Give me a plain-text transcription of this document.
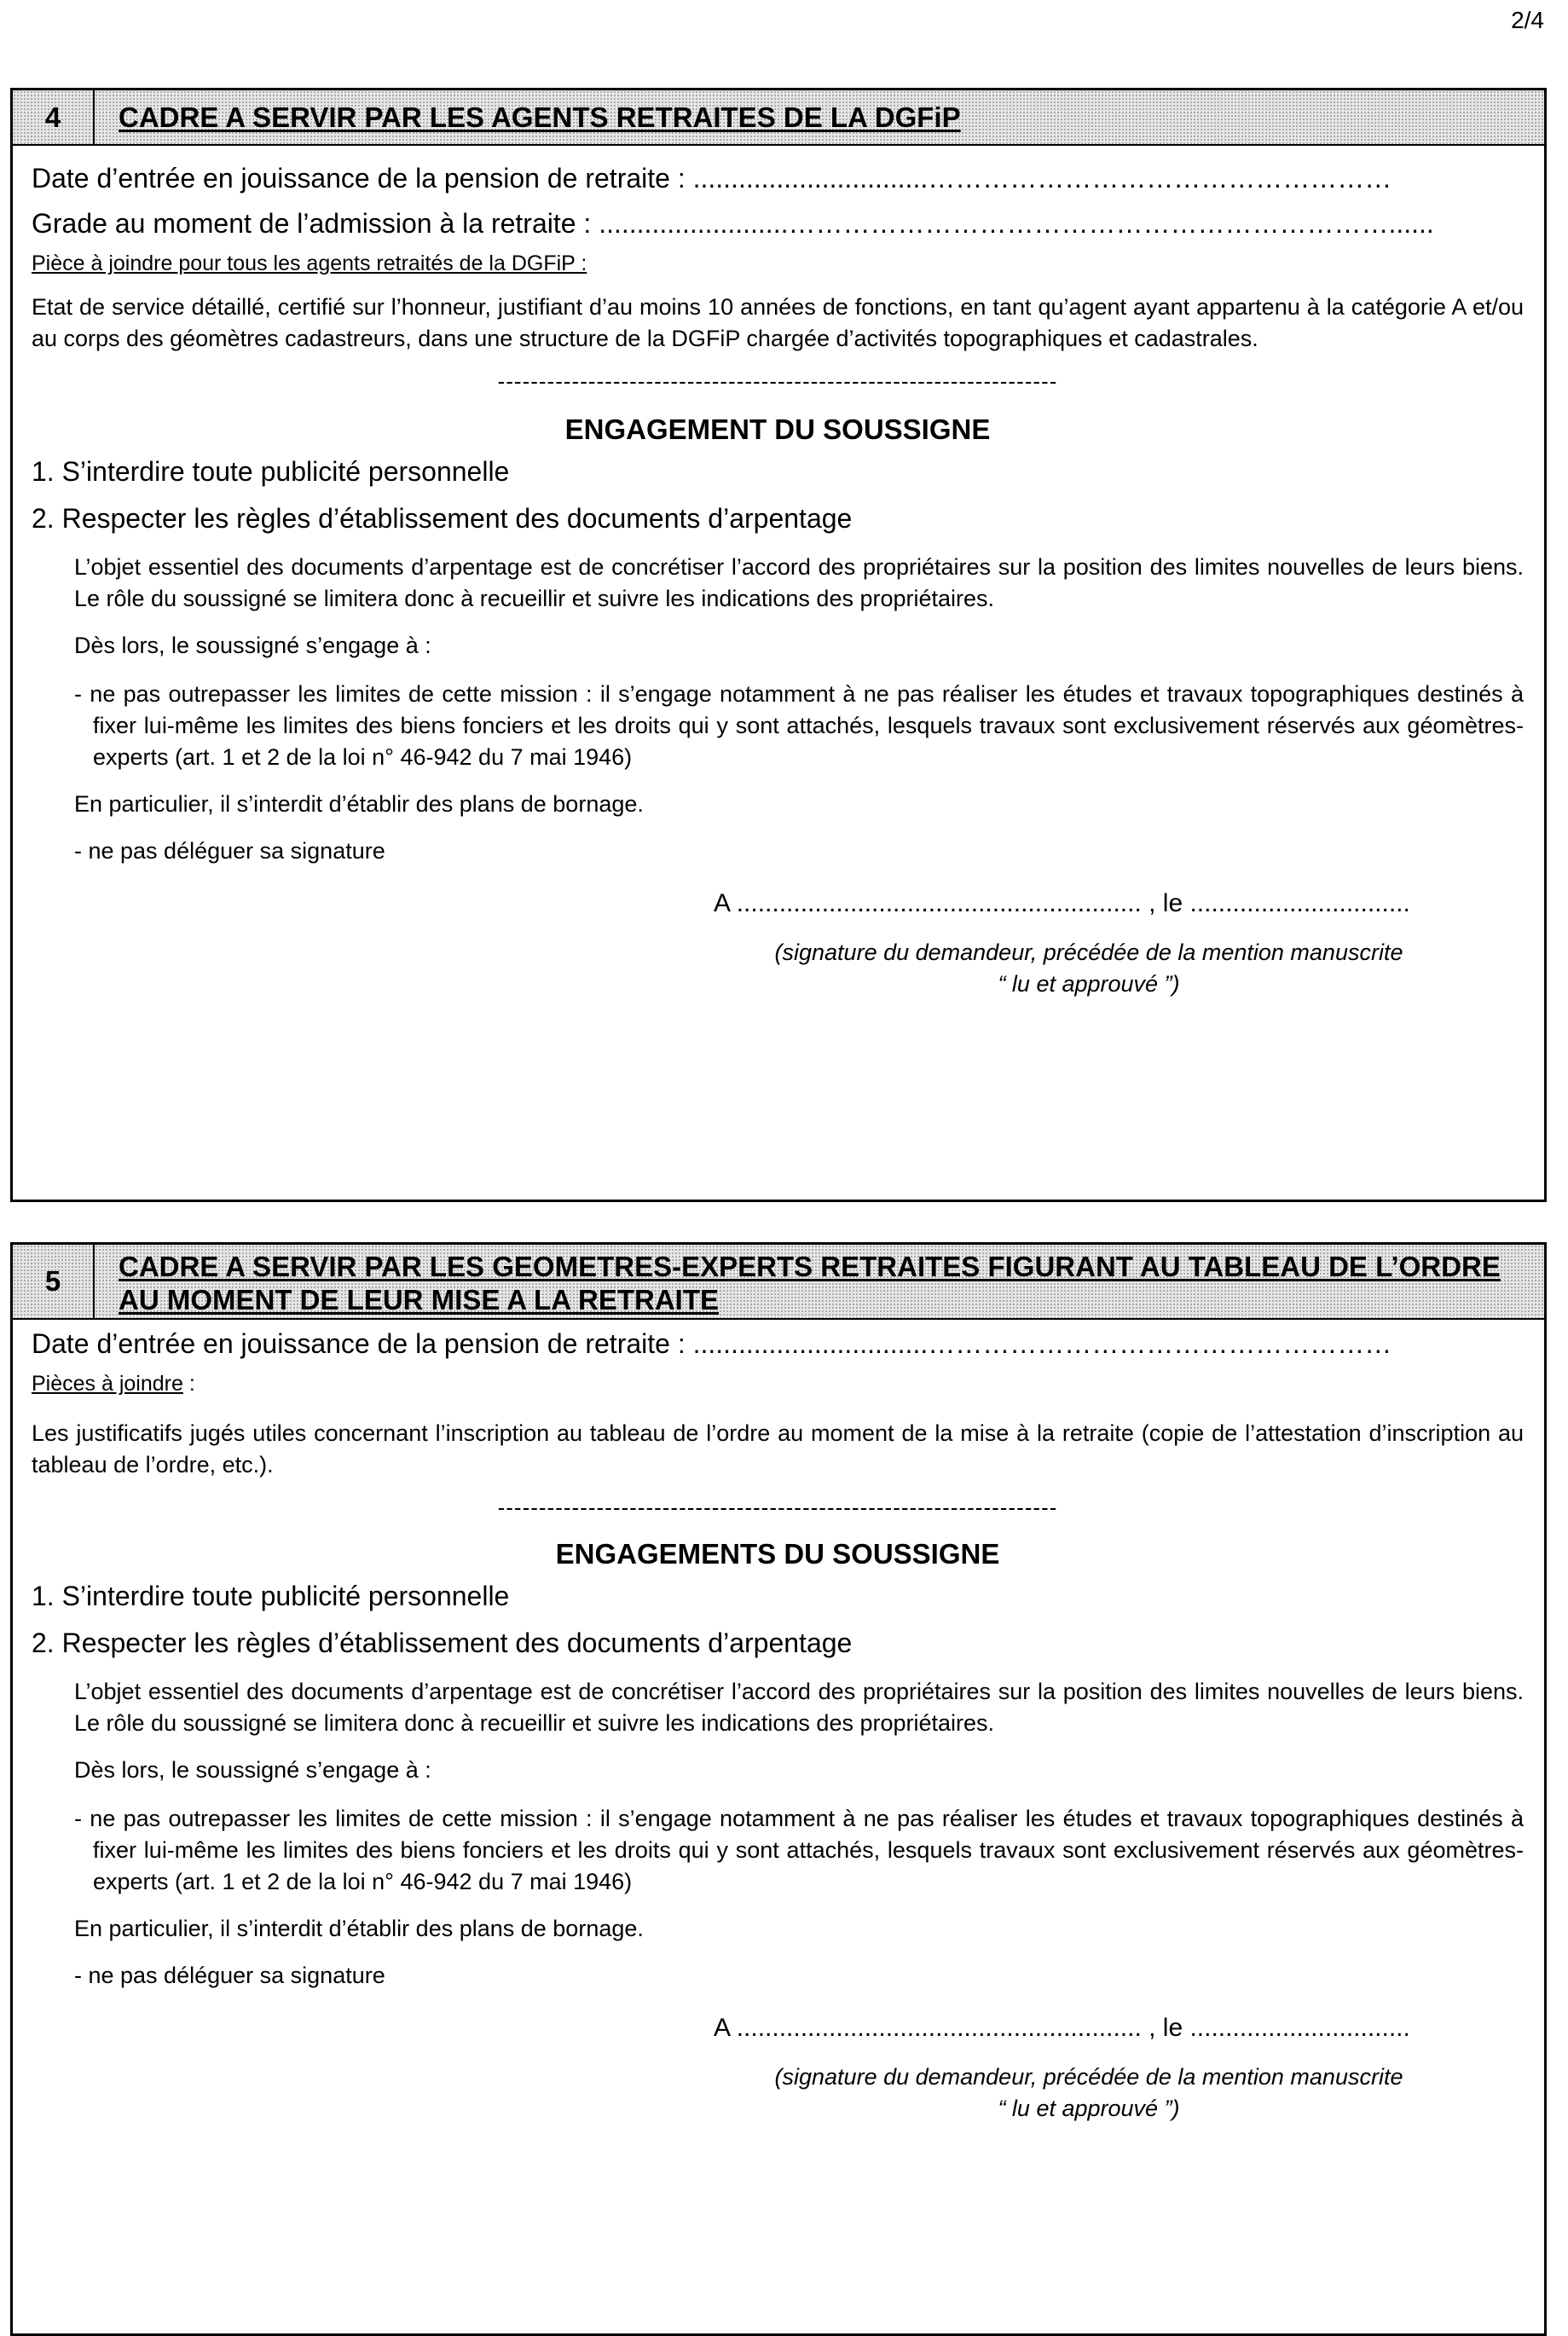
2/4
4	CADRE A SERVIR PAR LES AGENTS RETRAITES DE LA DGFiP

Date d’entrée en jouissance de la pension de retraite : ...............................……………………………………………

Grade au moment de l’admission à la retraite : .........................…………………………………………………………......

Pièce à joindre pour tous les agents retraités de la DGFiP :

Etat de service détaillé, certifié sur l’honneur, justifiant d’au moins 10 années de fonctions, en tant qu’agent ayant appartenu à la catégorie A et/ou au corps des géomètres cadastreurs, dans une structure de la DGFiP chargée d’activités topographiques et cadastrales.

--------------------------------------------------------------------

ENGAGEMENT DU SOUSSIGNE

1. S’interdire toute publicité personnelle

2. Respecter les règles d’établissement des documents d’arpentage

L’objet essentiel des documents d’arpentage est de concrétiser l’accord des propriétaires sur la position des limites nouvelles de leurs biens. Le rôle du soussigné se limitera donc à recueillir et suivre les indications des propriétaires.

Dès lors, le soussigné s’engage à :

- ne pas outrepasser les limites de cette mission : il s’engage notamment à ne pas réaliser les études et travaux topographiques destinés à fixer lui-même les limites des biens fonciers et les droits qui y sont attachés, lesquels travaux sont exclusivement réservés aux géomètres-experts (art. 1 et 2 de la loi n° 46-942 du 7 mai 1946)

En particulier, il s’interdit d’établir des plans de bornage.

- ne pas déléguer sa signature

A ......................................................... , le ...............................

(signature du demandeur, précédée de la mention manuscrite

“ lu et approuvé ”)

5	CADRE A SERVIR PAR LES GEOMETRES-EXPERTS RETRAITES FIGURANT AU TABLEAU DE L’ORDRE AU MOMENT DE LEUR MISE A LA RETRAITE

Date d’entrée en jouissance de la pension de retraite : ...............................……………………………………………

Pièces à joindre :

Les justificatifs jugés utiles concernant l’inscription au tableau de l’ordre au moment de la mise à la retraite (copie de l’attestation d’inscription au tableau de l’ordre, etc.).

--------------------------------------------------------------------

ENGAGEMENTS DU SOUSSIGNE

1. S’interdire toute publicité personnelle

2. Respecter les règles d’établissement des documents d’arpentage

L’objet essentiel des documents d’arpentage est de concrétiser l’accord des propriétaires sur la position des limites nouvelles de leurs biens. Le rôle du soussigné se limitera donc à recueillir et suivre les indications des propriétaires.

Dès lors, le soussigné s’engage à :

- ne pas outrepasser les limites de cette mission : il s’engage notamment à ne pas réaliser les études et travaux topographiques destinés à fixer lui-même les limites des biens fonciers et les droits qui y sont attachés, lesquels travaux sont exclusivement réservés aux géomètres-experts (art. 1 et 2 de la loi n° 46-942 du 7 mai 1946)

En particulier, il s’interdit d’établir des plans de bornage.

- ne pas déléguer sa signature

A ......................................................... , le ...............................

(signature du demandeur, précédée de la mention manuscrite

“ lu et approuvé ”)
